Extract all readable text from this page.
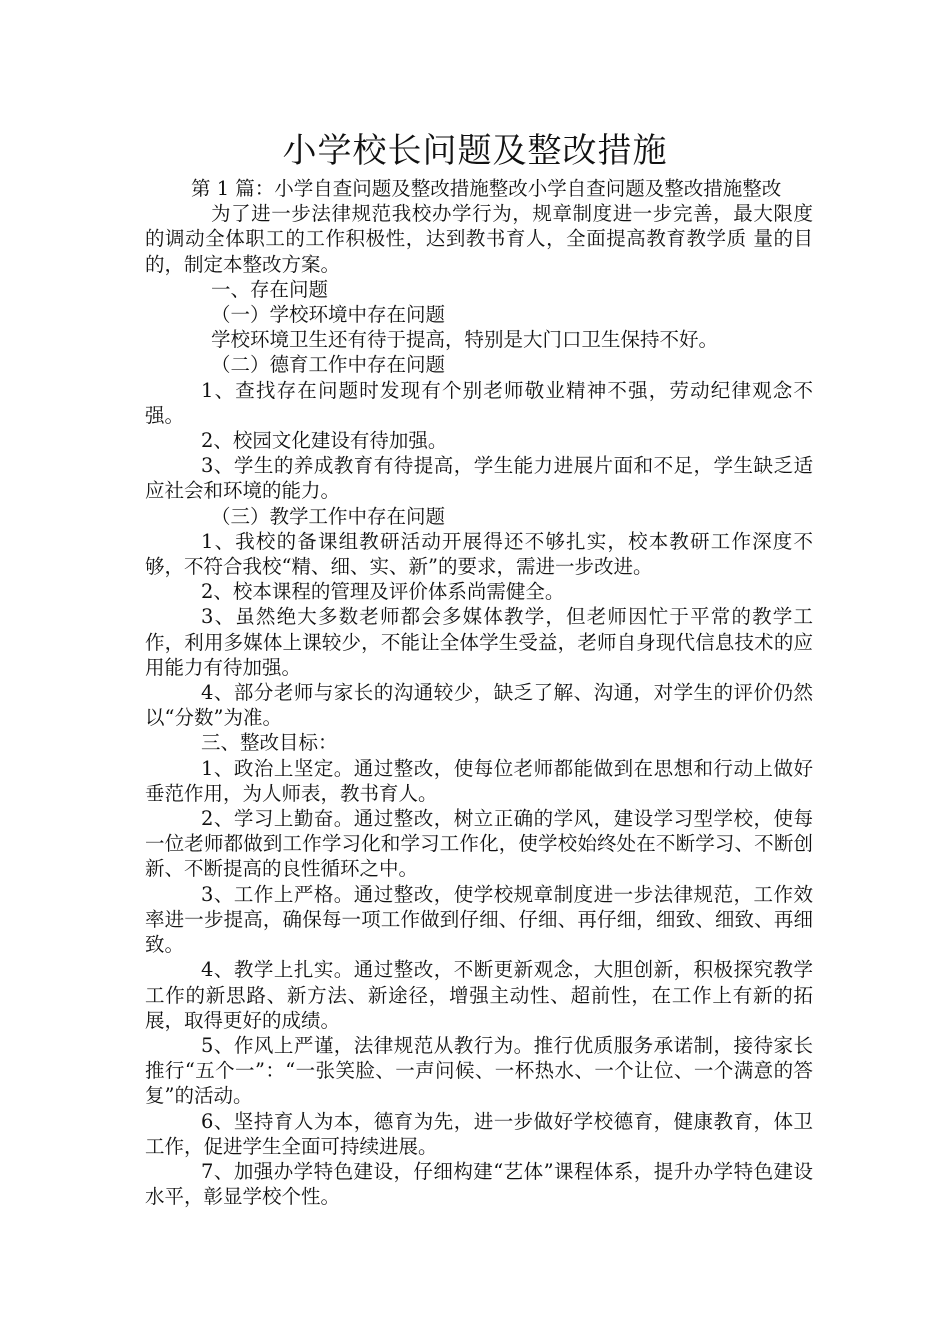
小学校长问题及整改措施

第 1 篇：小学自查问题及整改措施整改小学自查问题及整改措施整改

为了进一步法律规范我校办学行为，规章制度进一步完善，最大限度 的调动全体职工的工作积极性，达到教书育人，全面提高教育教学质 量的目的，制定本整改方案。

一、存在问题

（一）学校环境中存在问题

学校环境卫生还有待于提高，特别是大门口卫生保持不好。

（二）德育工作中存在问题

1、查找存在问题时发现有个别老师敬业精神不强，劳动纪律观念不强。

2、校园文化建设有待加强。

3、学生的养成教育有待提高，学生能力进展片面和不足，学生缺乏适应社会和环境的能力。

（三）教学工作中存在问题

1、我校的备课组教研活动开展得还不够扎实，校本教研工作深度不够，不符合我校“精、细、实、新”的要求，需进一步改进。

2、校本课程的管理及评价体系尚需健全。

3、虽然绝大多数老师都会多媒体教学，但老师因忙于平常的教学工作，利用多媒体上课较少，不能让全体学生受益，老师自身现代信息技术的应用能力有待加强。

4、部分老师与家长的沟通较少，缺乏了解、沟通，对学生的评价仍然以“分数”为准。

三、整改目标：

1、政治上坚定。通过整改，使每位老师都能做到在思想和行动上做好垂范作用，为人师表，教书育人。

2、学习上勤奋。通过整改，树立正确的学风，建设学习型学校，使每一位老师都做到工作学习化和学习工作化，使学校始终处在不断学习、不断创新、不断提高的良性循环之中。

3、工作上严格。通过整改，使学校规章制度进一步法律规范，工作效率进一步提高，确保每一项工作做到仔细、仔细、再仔细，细致、细致、再细致。

4、教学上扎实。通过整改，不断更新观念，大胆创新，积极探究教学工作的新思路、新方法、新途径，增强主动性、超前性，在工作上有新的拓展，取得更好的成绩。

5、作风上严谨，法律规范从教行为。推行优质服务承诺制，接待家长推行“五个一”：“一张笑脸、一声问候、一杯热水、一个让位、一个满意的答复”的活动。

6、坚持育人为本，德育为先，进一步做好学校德育，健康教育，体卫工作，促进学生全面可持续进展。

7、加强办学特色建设，仔细构建“艺体”课程体系，提升办学特色建设水平，彰显学校个性。
